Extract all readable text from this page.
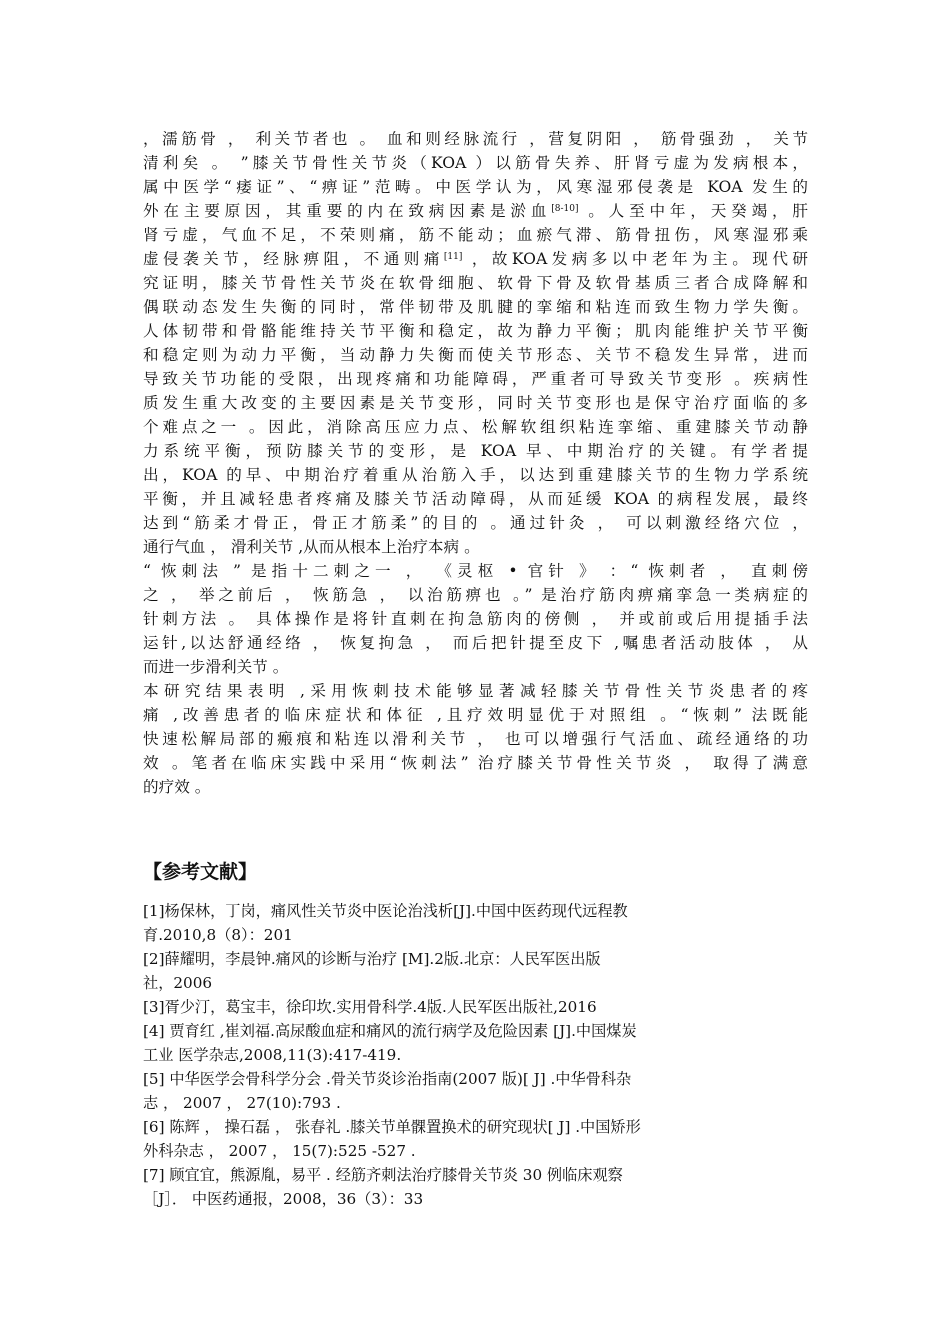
，濡筋骨 ， 利关节者也 。 血和则经脉流行 ，营复阴阳 ， 筋骨强劲 ， 关节
清利矣 。 ”膝关节骨性关节炎（KOA ）以筋骨失养、肝肾亏虚为发病根本，
属中医学“痿证”、“痹证”范畴。中医学认为，风寒湿邪侵袭是 KOA 发生的
外在主要原因，其重要的内在致病因素是淤血[8-10] 。人至中年，天癸竭，肝
肾亏虚，气血不足，不荣则痛，筋不能动；血瘀气滞、筋骨扭伤，风寒湿邪乘
虚侵袭关节，经脉痹阻，不通则痛[11] ，故KOA发病多以中老年为主。现代研
究证明，膝关节骨性关节炎在软骨细胞、软骨下骨及软骨基质三者合成降解和
偶联动态发生失衡的同时，常伴韧带及肌腱的挛缩和粘连而致生物力学失衡。
人体韧带和骨骼能维持关节平衡和稳定，故为静力平衡；肌肉能维护关节平衡
和稳定则为动力平衡，当动静力失衡而使关节形态、关节不稳发生异常，进而
导致关节功能的受限，出现疼痛和功能障碍，严重者可导致关节变形 。疾病性
质发生重大改变的主要因素是关节变形，同时关节变形也是保守治疗面临的多
个难点之一 。因此，消除高压应力点、松解软组织粘连挛缩、重建膝关节动静
力系统平衡，预防膝关节的变形，是 KOA 早、中期治疗的关键。有学者提
出，KOA 的早、中期治疗着重从治筋入手，以达到重建膝关节的生物力学系统
平衡，并且减轻患者疼痛及膝关节活动障碍，从而延缓 KOA 的病程发展，最终
达到“筋柔才骨正，骨正才筋柔”的目的 。通过针灸 ， 可以刺激经络穴位 ，
通行气血 ， 滑利关节 ,从而从根本上治疗本病 。
“ 恢刺法 ” 是指十二刺之一 ， 《灵枢 • 官针 》 ：“ 恢刺者 ， 直刺傍
之 ， 举之前后 ， 恢筋急 ， 以治筋痹也 。” 是治疗筋肉痹痛挛急一类病症的
针刺方法 。 具体操作是将针直刺在拘急筋肉的傍侧 ， 并或前或后用提插手法
运针,以达舒通经络 ， 恢复拘急 ， 而后把针提至皮下 ,嘱患者活动肢体 ， 从
而进一步滑利关节 。
本研究结果表明 ,采用恢刺技术能够显著减轻膝关节骨性关节炎患者的疼
痛 ,改善患者的临床症状和体征 ,且疗效明显优于对照组 。“恢刺” 法既能
快速松解局部的瘢痕和粘连以滑利关节 ， 也可以增强行气活血、疏经通络的功
效 。笔者在临床实践中采用“恢刺法” 治疗膝关节骨性关节炎 ， 取得了满意
的疗效 。
【参考文献】
[1]杨保林，丁岗，痛风性关节炎中医论治浅析[J].中国中医药现代远程教
育.2010,8（8）：201
[2]薛耀明，李晨钟.痛风的诊断与治疗 [M].2版.北京：人民军医出版
社，2006
[3]胥少汀，葛宝丰，徐印坎.实用骨科学.4版.人民军医出版社,2016
[4] 贾育红 ,崔刘福.高尿酸血症和痛风的流行病学及危险因素 [J].中国煤炭
工业 医学杂志,2008,11(3):417-419.
[5] 中华医学会骨科学分会 .骨关节炎诊治指南(2007 版)[ J] .中华骨科杂
志 ， 2007 ， 27(10):793 .
[6] 陈辉 ， 操石磊 ， 张春礼 .膝关节单髁置换术的研究现状[ J] .中国矫形
外科杂志 ， 2007 ， 15(7):525 -527 .
[7] 顾宜宜，熊源胤，易平 . 经筋齐刺法治疗膝骨关节炎 30 例临床观察
［J］． 中医药通报，2008，36（3）：33
